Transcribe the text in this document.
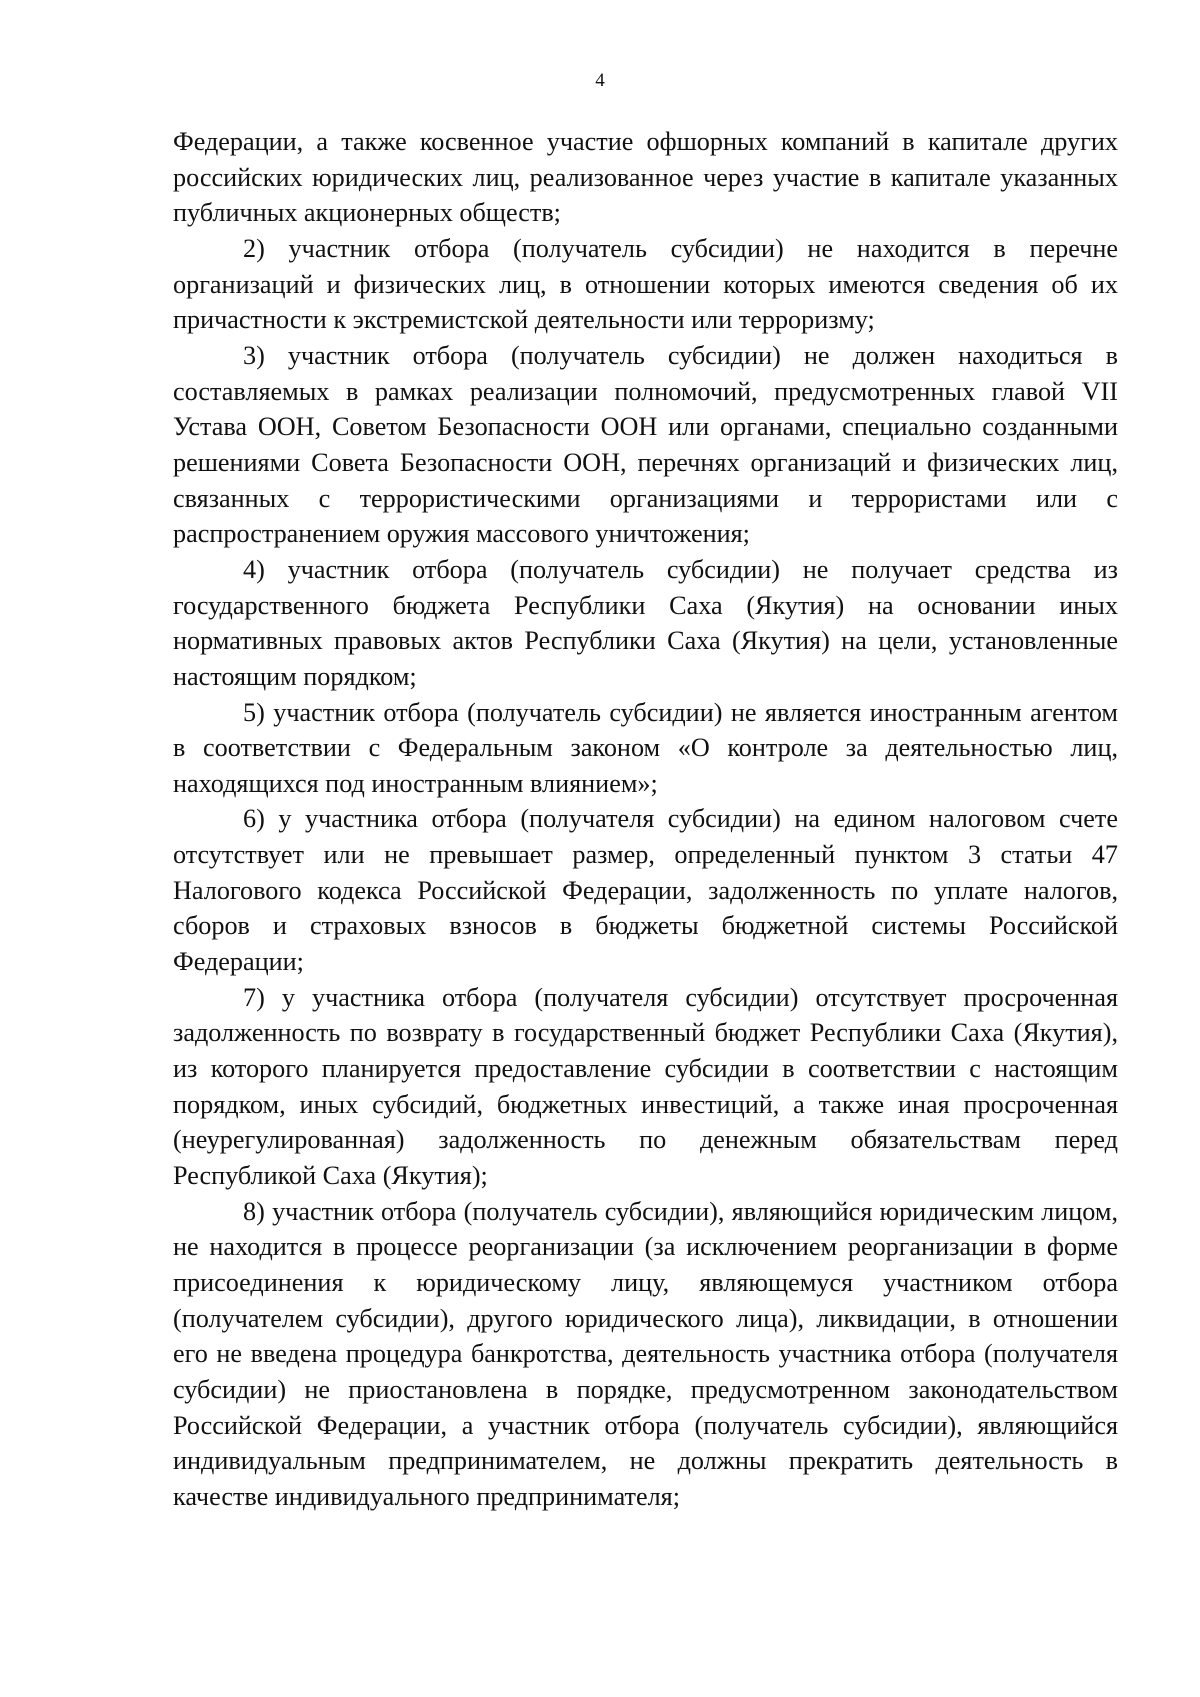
4

Федерации, а также косвенное участие офшорных компаний в капитале других российских юридических лиц, реализованное через участие в капитале указанных публичных акционерных обществ;

2) участник отбора (получатель субсидии) не находится в перечне организаций и физических лиц, в отношении которых имеются сведения об их причастности к экстремистской деятельности или терроризму;

3) участник отбора (получатель субсидии) не должен находиться в составляемых в рамках реализации полномочий, предусмотренных главой VII Устава ООН, Советом Безопасности ООН или органами, специально созданными решениями Совета Безопасности ООН, перечнях организаций и физических лиц, связанных с террористическими организациями и террористами или с распространением оружия массового уничтожения;

4) участник отбора (получатель субсидии) не получает средства из государственного бюджета Республики Саха (Якутия) на основании иных нормативных правовых актов Республики Саха (Якутия) на цели, установленные настоящим порядком;

5) участник отбора (получатель субсидии) не является иностранным агентом в соответствии с Федеральным законом «О контроле за деятельностью лиц, находящихся под иностранным влиянием»;

6) у участника отбора (получателя субсидии) на едином налоговом счете отсутствует или не превышает размер, определенный пунктом 3 статьи 47 Налогового кодекса Российской Федерации, задолженность по уплате налогов, сборов и страховых взносов в бюджеты бюджетной системы Российской Федерации;

7) у участника отбора (получателя субсидии) отсутствует просроченная задолженность по возврату в государственный бюджет Республики Саха (Якутия), из которого планируется предоставление субсидии в соответствии с настоящим порядком, иных субсидий, бюджетных инвестиций, а также иная просроченная (неурегулированная) задолженность по денежным обязательствам перед Республикой Саха (Якутия);

8) участник отбора (получатель субсидии), являющийся юридическим лицом, не находится в процессе реорганизации (за исключением реорганизации в форме присоединения к юридическому лицу, являющемуся участником отбора (получателем субсидии), другого юридического лица), ликвидации, в отношении его не введена процедура банкротства, деятельность участника отбора (получателя субсидии) не приостановлена в порядке, предусмотренном законодательством Российской Федерации, а участник отбора (получатель субсидии), являющийся индивидуальным предпринимателем, не должны прекратить деятельность в качестве индивидуального предпринимателя;
